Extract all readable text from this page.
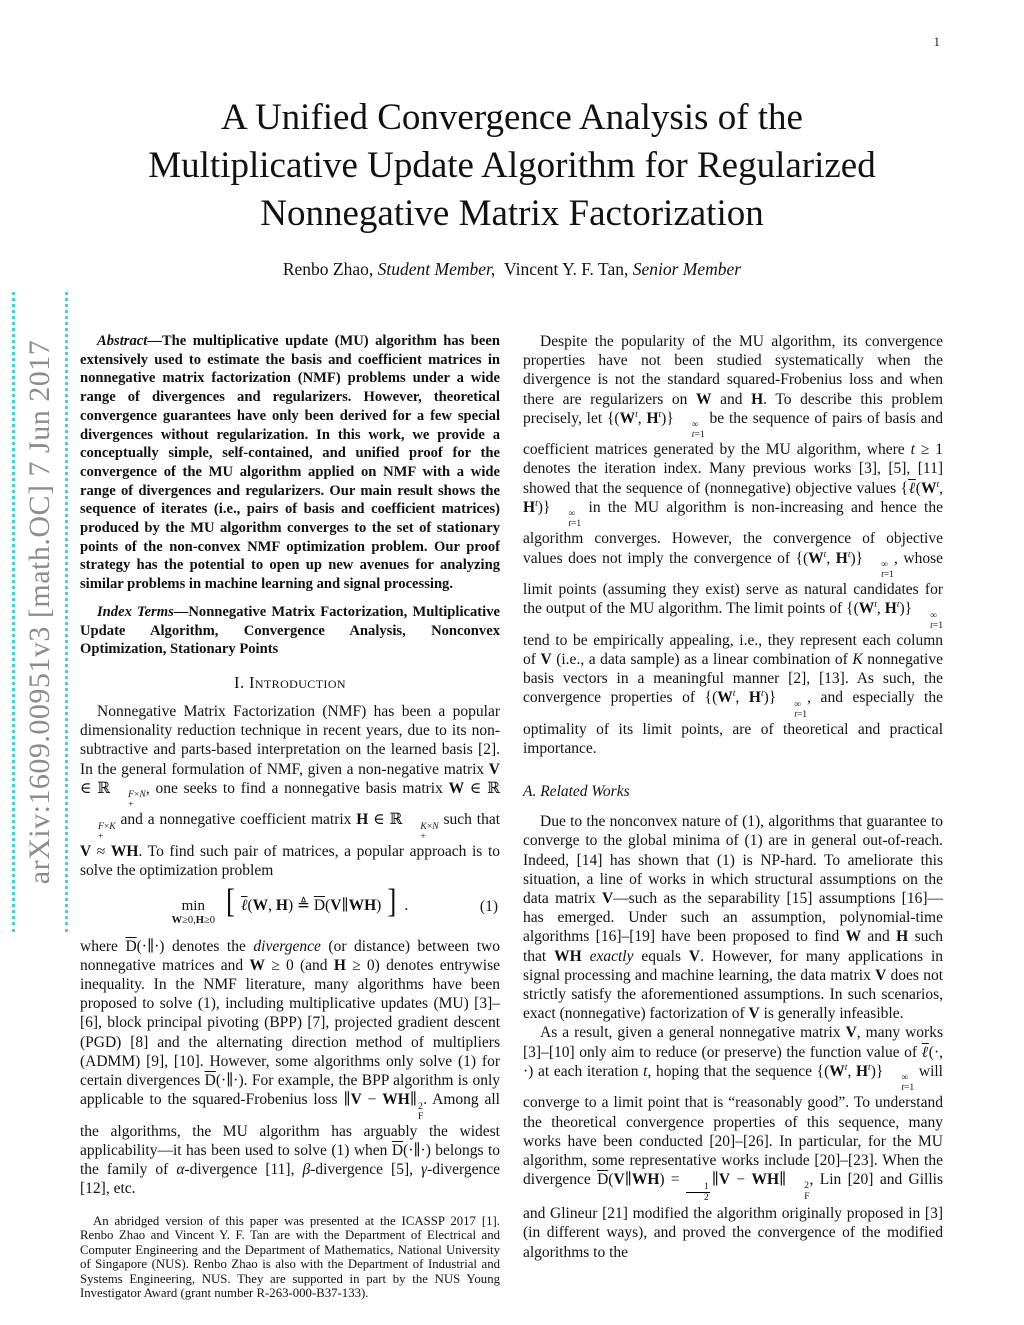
1
arXiv:1609.00951v3 [math.OC] 7 Jun 2017
A Unified Convergence Analysis of the
Multiplicative Update Algorithm for Regularized
Nonnegative Matrix Factorization
Renbo Zhao, Student Member,  Vincent Y. F. Tan, Senior Member

Abstract—The multiplicative update (MU) algorithm has been extensively used to estimate the basis and coefficient matrices in nonnegative matrix factorization (NMF) problems under a wide range of divergences and regularizers. However, theoretical convergence guarantees have only been derived for a few special divergences without regularization. In this work, we provide a conceptually simple, self-contained, and unified proof for the convergence of the MU algorithm applied on NMF with a wide range of divergences and regularizers. Our main result shows the sequence of iterates (i.e., pairs of basis and coefficient matrices) produced by the MU algorithm converges to the set of stationary points of the non-convex NMF optimization problem. Our proof strategy has the potential to open up new avenues for analyzing similar problems in machine learning and signal processing.

Index Terms—Nonnegative Matrix Factorization, Multiplicative Update Algorithm, Convergence Analysis, Nonconvex Optimization, Stationary Points

I. Introduction

Nonnegative Matrix Factorization (NMF) has been a popular dimensionality reduction technique in recent years, due to its non-subtractive and parts-based interpretation on the learned basis [2]. In the general formulation of NMF, given a non-negative matrix V ∈ ℝ	F×N
+
, one seeks to find a nonnegative basis matrix W ∈ ℝ
F×K
+
and a nonnegative coefficient matrix H ∈ ℝ	K×N
+
such that V ≈ WH. To find such pair of matrices, a popular approach is to solve the optimization problem

min
W≥0,H≥0
[ ℓ(W, H) ≜ $\overline{D}(V\parallel WH)$ ] .	(1)

where $\overline{D}(\cdot\parallel\cdot)$ denotes the divergence (or distance) between two nonnegative matrices and W ≥ 0 (and H ≥ 0) denotes entrywise inequality. In the NMF literature, many algorithms have been proposed to solve (1), including multiplicative updates (MU) [3]–[6], block principal pivoting (BPP) [7], projected gradient descent (PGD) [8] and the alternating direction method of multipliers (ADMM) [9], [10]. However, some algorithms only solve (1) for certain divergences $\overline{D}(\cdot\parallel\cdot)$. For example, the BPP algorithm is only applicable to the squared-Frobenius loss ∥V − WH∥ 2
F
. Among all the algorithms, the MU algorithm has arguably the widest applicability—it has been used to solve (1) when $\overline{D}(\cdot\parallel\cdot)$ belongs to the family of α-divergence [11], β-divergence [5], γ-divergence [12], etc.

An abridged version of this paper was presented at the ICASSP 2017 [1]. Renbo Zhao and Vincent Y. F. Tan are with the Department of Electrical and Computer Engineering and the Department of Mathematics, National University of Singapore (NUS). Renbo Zhao is also with the Department of Industrial and Systems Engineering, NUS. They are supported in part by the NUS Young Investigator Award (grant number R-263-000-B37-133).

Despite the popularity of the MU algorithm, its convergence properties have not been studied systematically when the divergence is not the standard squared-Frobenius loss and when there are regularizers on W and H. To describe this problem precisely, let {($W^t$, $H^t$)}	∞
t=1
be the sequence of pairs of basis and coefficient matrices generated by the MU algorithm, where t ≥ 1 denotes the iteration index. Many previous works [3], [5], [11] showed that the sequence of (nonnegative) objective values {$\ell(W^t$, $H^t$)}	∞
t=1
in the MU algorithm is non-increasing and hence the algorithm converges. However, the convergence of objective values does not imply the convergence of {($W^t$, $H^t$)}	∞
t=1
, whose limit points (assuming they exist) serve as natural candidates for the output of the MU algorithm. The limit points of {($W^t$, $H^t$)}	∞
t=1
tend to be empirically appealing, i.e., they represent each column of V (i.e., a data sample) as a linear combination of K nonnegative basis vectors in a meaningful manner [2], [13]. As such, the convergence properties of {($W^t$, $H^t$)}	∞
t=1
, and especially the optimality of its limit points, are of theoretical and practical importance.

A. Related Works

Due to the nonconvex nature of (1), algorithms that guarantee to converge to the global minima of (1) are in general out-of-reach. Indeed, [14] has shown that (1) is NP-hard. To ameliorate this situation, a line of works in which structural assumptions on the data matrix V—such as the separability [15] assumptions [16]—has emerged. Under such an assumption, polynomial-time algorithms [16]–[19] have been proposed to find W and H such that WH exactly equals V. However, for many applications in signal processing and machine learning, the data matrix V does not strictly satisfy the aforementioned assumptions. In such scenarios, exact (nonnegative) factorization of V is generally infeasible.

As a result, given a general nonnegative matrix V, many works [3]–[10] only aim to reduce (or preserve) the function value of ℓ(·, ·) at each iteration t, hoping that the sequence {($W^t$, $H^t$)}	∞
t=1
will converge to a limit point that is “reasonably good”. To understand the theoretical convergence properties of this sequence, many works have been conducted [20]–[26]. In particular, for the MU algorithm, some representative works include [20]–[23]. When the divergence $\overline{D}(V\parallel WH)$ =
$\frac{1}{2}$
∥V − WH∥	2
F
, Lin [20] and Gillis and Glineur [21] modified the algorithm originally proposed in [3] (in different ways), and proved the convergence of the modified algorithms to the
